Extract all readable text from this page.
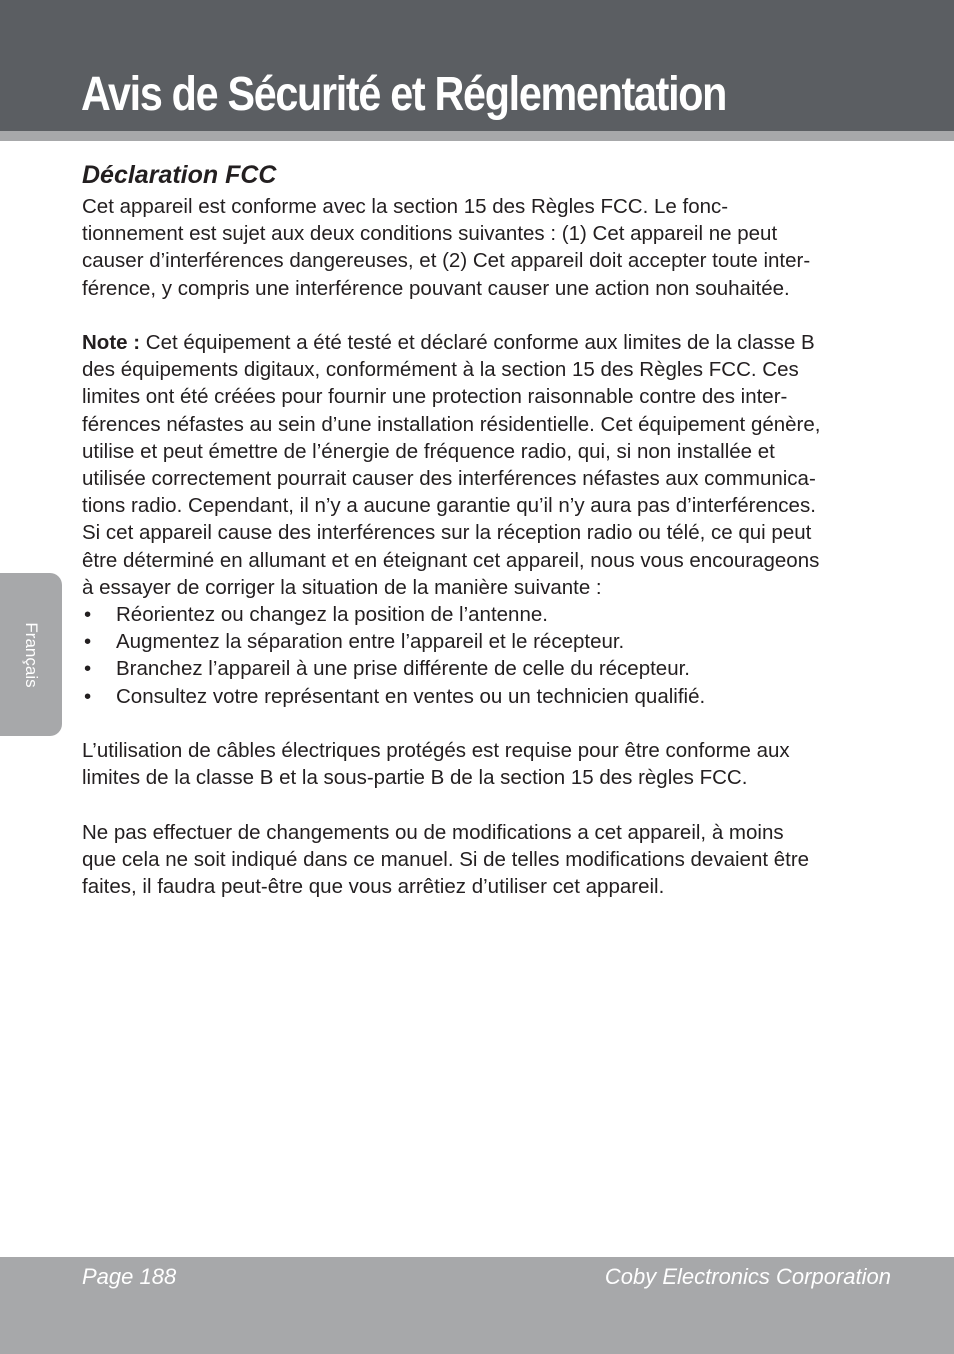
Avis de Sécurité et Réglementation
Français
Déclaration FCC

Cet appareil est conforme avec la section 15 des Règles FCC. Le fonc-
tionnement est sujet aux deux conditions suivantes : (1) Cet appareil ne peut
causer d’interférences dangereuses, et (2) Cet appareil doit accepter toute inter-
férence, y compris une interférence pouvant causer une action non souhaitée.

Note : Cet équipement a été testé et déclaré conforme aux limites de la classe B
des équipements digitaux, conformément à la section 15 des Règles FCC. Ces
limites ont été créées pour fournir une protection raisonnable contre des inter-
férences néfastes au sein d’une installation résidentielle. Cet équipement génère,
utilise et peut émettre de l’énergie de fréquence radio, qui, si non installée et
utilisée correctement pourrait causer des interférences néfastes aux communica-
tions radio. Cependant, il n’y a aucune garantie qu’il n’y aura pas d’interférences.
Si cet appareil cause des interférences sur la réception radio ou télé, ce qui peut
être déterminé en allumant et en éteignant cet appareil, nous vous encourageons
à essayer de corriger la situation de la manière suivante :

• Réorientez ou changez la position de l’antenne.
• Augmentez la séparation entre l’appareil et le récepteur.
• Branchez l’appareil à une prise différente de celle du récepteur.
• Consultez votre représentant en ventes ou un technicien qualifié.

L’utilisation de câbles électriques protégés est requise pour être conforme aux
limites de la classe B et la sous-partie B de la section 15 des règles FCC.

Ne pas effectuer de changements ou de modifications a cet appareil, à moins
que cela ne soit indiqué dans ce manuel. Si de telles modifications devaient être
faites, il faudra peut-être que vous arrêtiez d’utiliser cet appareil.

Page 188	Coby Electronics Corporation
